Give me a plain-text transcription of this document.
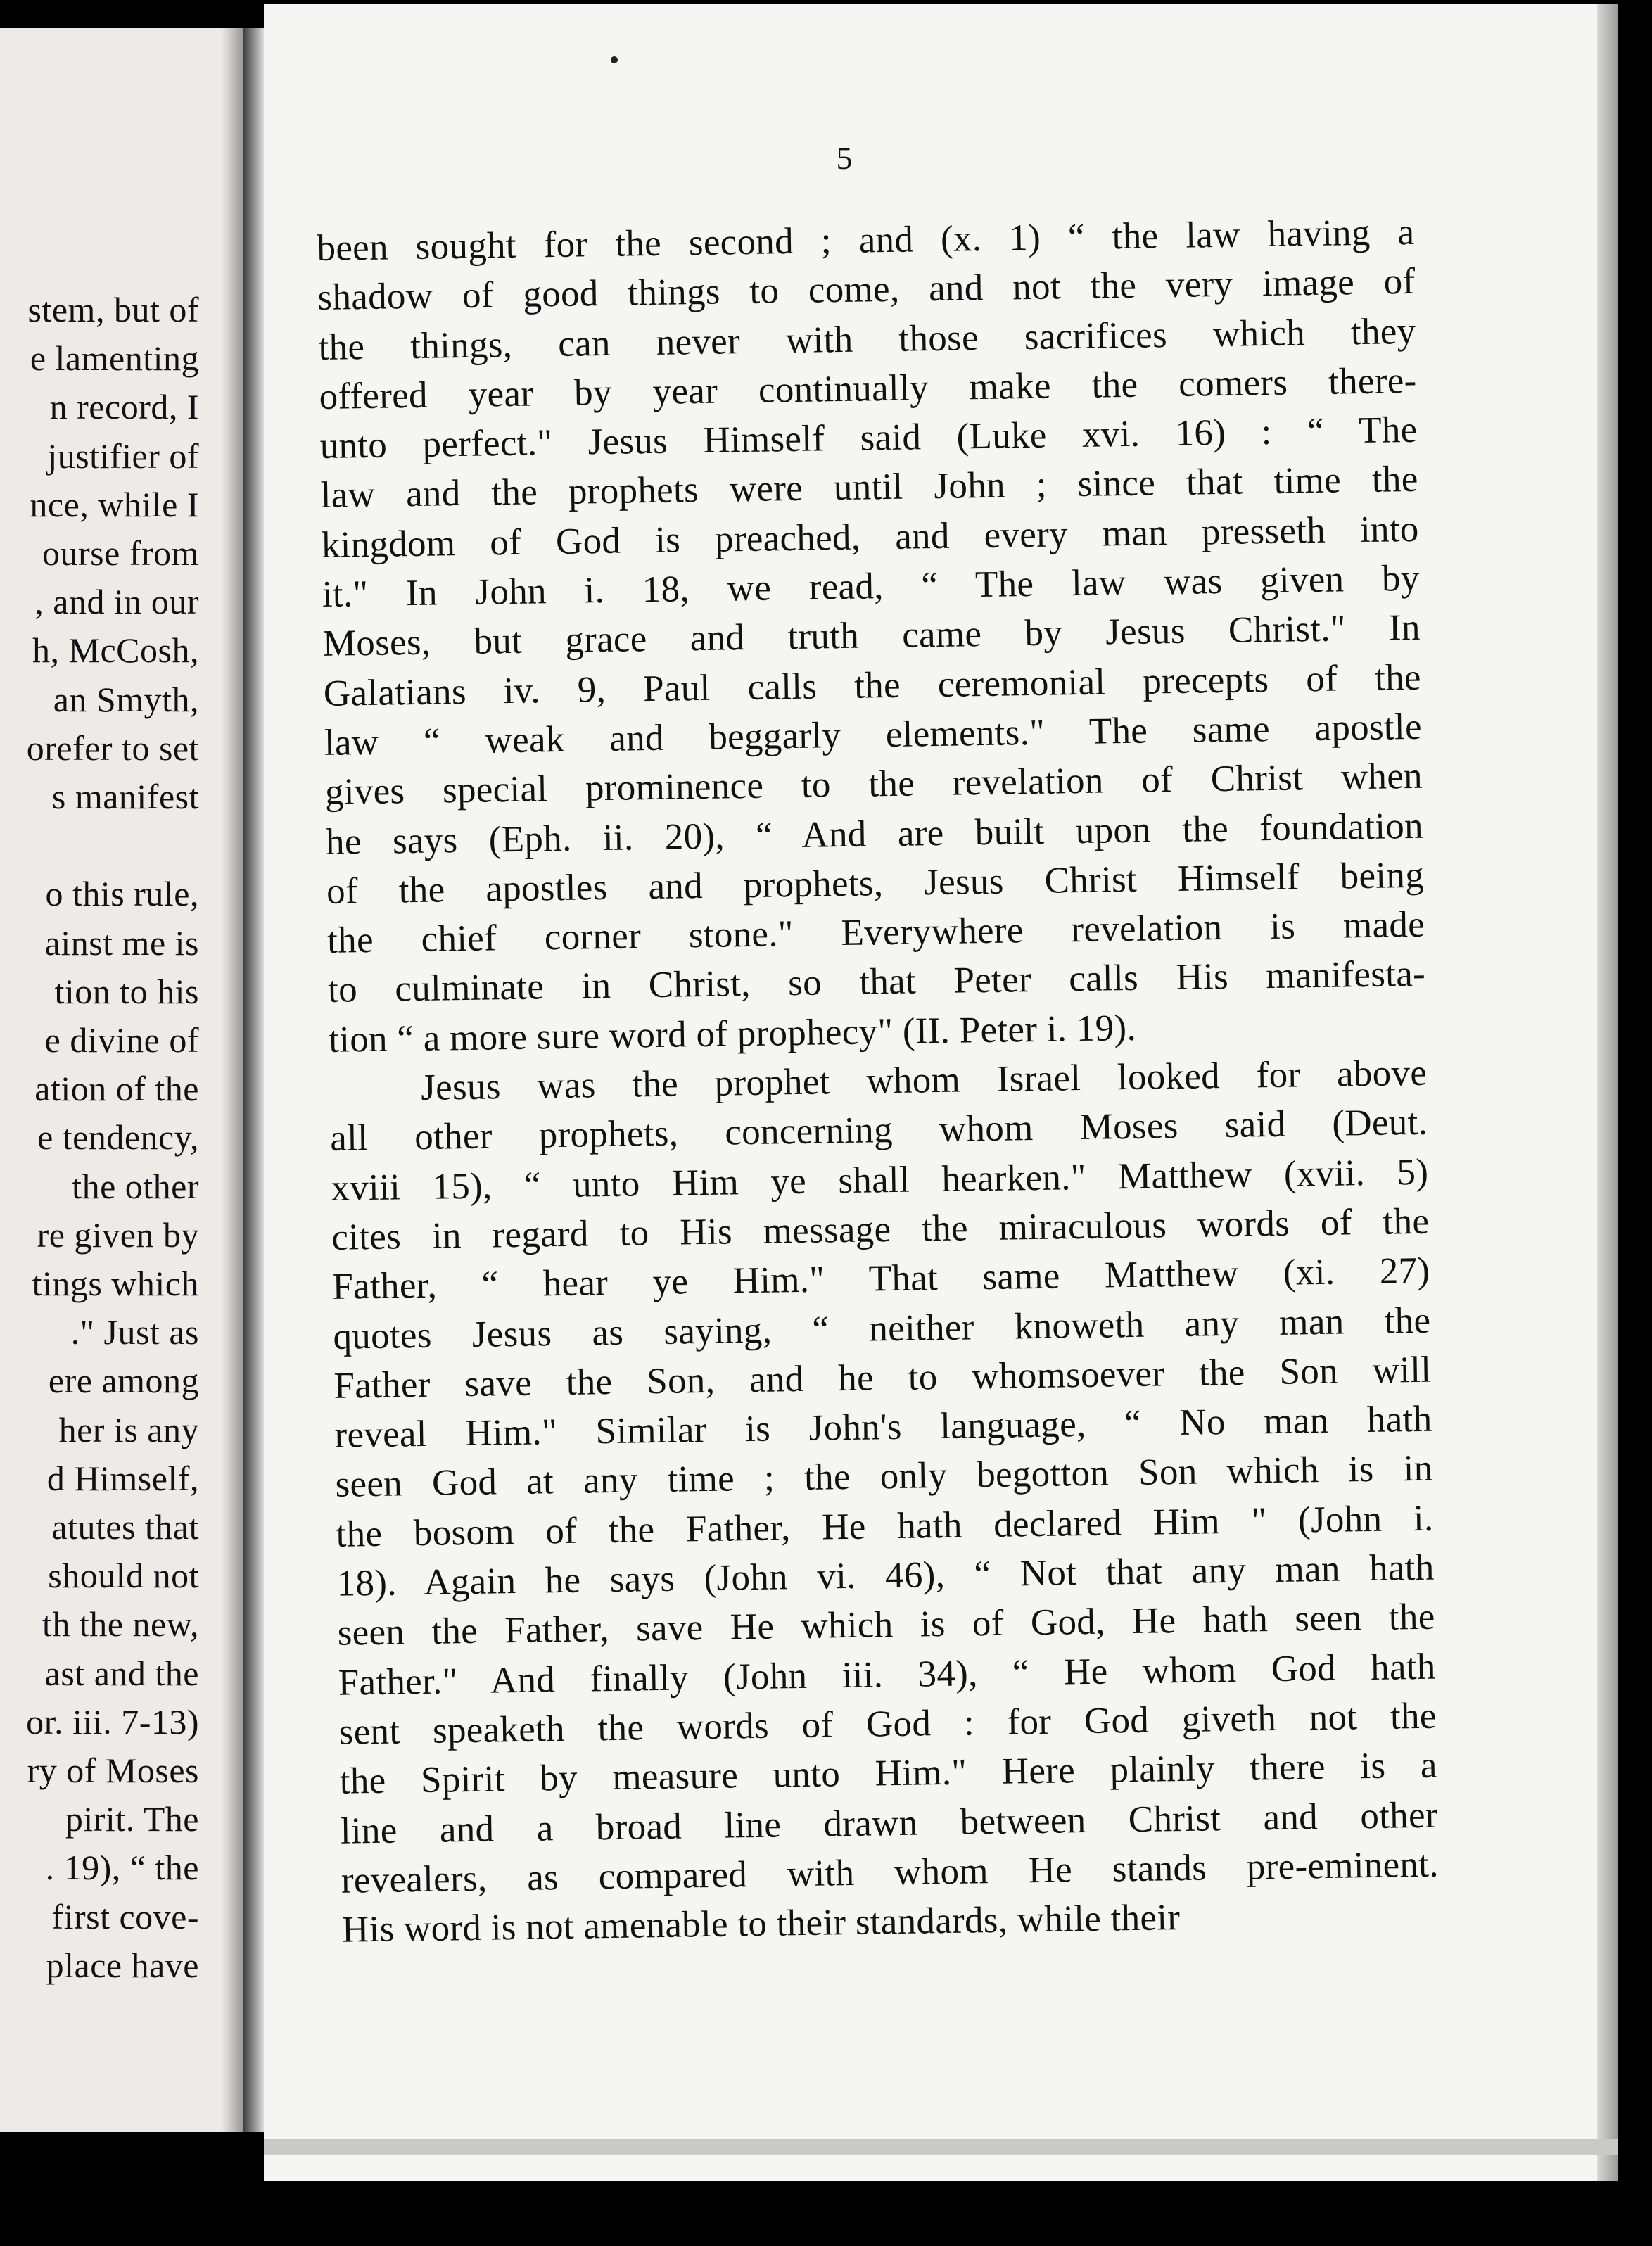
stem, but of
e lamenting
n record, I
justifier of
nce, while I
ourse from
, and in our
h, McCosh,
an Smyth,
orefer to set
s manifest
o this rule,
ainst me is
tion to his
e divine of
ation of the
e tendency,
the other
re given by
tings which
." Just as
ere among
her is any
d Himself,
atutes that
should not
th the new,
ast and the
or. iii. 7-13)
ry of Moses
pirit. The
. 19), “ the
first cove-
place have
5
been sought for the second ; and (x. 1) “ the law having a
shadow of good things to come, and not the very image of
the things, can never with those sacrifices which they
offered year by year continually make the comers there-
unto perfect." Jesus Himself said (Luke xvi. 16) : “ The
law and the prophets were until John ; since that time the
kingdom of God is preached, and every man presseth into
it." In John i. 18, we read, “ The law was given by
Moses, but grace and truth came by Jesus Christ." In
Galatians iv. 9, Paul calls the ceremonial precepts of the
law “ weak and beggarly elements." The same apostle
gives special prominence to the revelation of Christ when
he says (Eph. ii. 20), “ And are built upon the foundation
of the apostles and prophets, Jesus Christ Himself being
the chief corner stone." Everywhere revelation is made
to culminate in Christ, so that Peter calls His manifesta-
tion “ a more sure word of prophecy" (II. Peter i. 19).
Jesus was the prophet whom Israel looked for above
all other prophets, concerning whom Moses said (Deut.
xviii 15), “ unto Him ye shall hearken." Matthew (xvii. 5)
cites in regard to His message the miraculous words of the
Father, “ hear ye Him." That same Matthew (xi. 27)
quotes Jesus as saying, “ neither knoweth any man the
Father save the Son, and he to whomsoever the Son will
reveal Him." Similar is John's language, “ No man hath
seen God at any time ; the only begotton Son which is in
the bosom of the Father, He hath declared Him " (John i.
18). Again he says (John vi. 46), “ Not that any man hath
seen the Father, save He which is of God, He hath seen the
Father." And finally (John iii. 34), “ He whom God hath
sent speaketh the words of God : for God giveth not the
the Spirit by measure unto Him." Here plainly there is a
line and a broad line drawn between Christ and other
revealers, as compared with whom He stands pre-eminent.
His word is not amenable to their standards, while their
